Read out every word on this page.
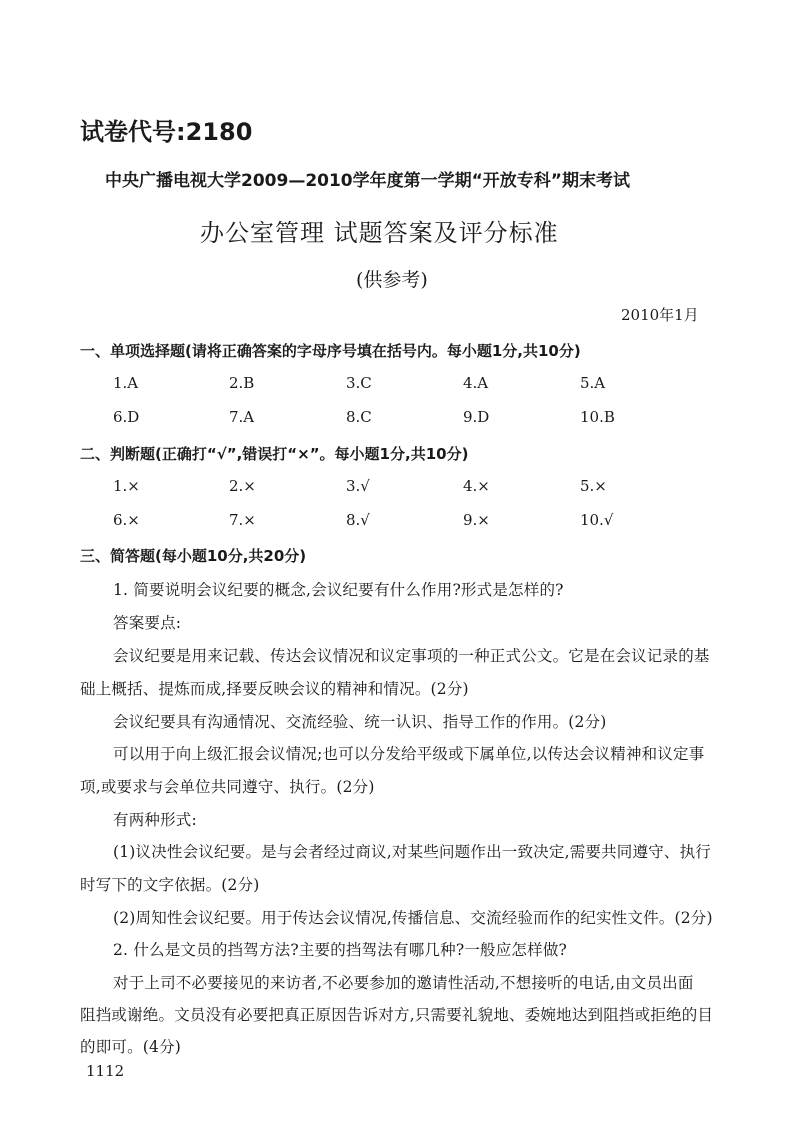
试卷代号:2180
中央广播电视大学2009—2010学年度第一学期“开放专科”期末考试
办公室管理 试题答案及评分标准
(供参考)
2010年1月
一、单项选择题(请将正确答案的字母序号填在括号内。每小题1分,共10分)
1.A	2.B	3.C	4.A	5.A
6.D	7.A	8.C	9.D	10.B
二、判断题(正确打“√”,错误打“×”。每小题1分,共10分)
1.×	2.×	3.√	4.×	5.×
6.×	7.×	8.√	9.×	10.√
三、简答题(每小题10分,共20分)
1. 简要说明会议纪要的概念,会议纪要有什么作用?形式是怎样的?
答案要点:
会议纪要是用来记载、传达会议情况和议定事项的一种正式公文。它是在会议记录的基
础上概括、提炼而成,择要反映会议的精神和情况。(2分)
会议纪要具有沟通情况、交流经验、统一认识、指导工作的作用。(2分)
可以用于向上级汇报会议情况;也可以分发给平级或下属单位,以传达会议精神和议定事
项,或要求与会单位共同遵守、执行。(2分)
有两种形式:
(1)议决性会议纪要。是与会者经过商议,对某些问题作出一致决定,需要共同遵守、执行
时写下的文字依据。(2分)
(2)周知性会议纪要。用于传达会议情况,传播信息、交流经验而作的纪实性文件。(2分)
2. 什么是文员的挡驾方法?主要的挡驾法有哪几种?一般应怎样做?
对于上司不必要接见的来访者,不必要参加的邀请性活动,不想接听的电话,由文员出面
阻挡或谢绝。文员没有必要把真正原因告诉对方,只需要礼貌地、委婉地达到阻挡或拒绝的目
的即可。(4分)
1112
